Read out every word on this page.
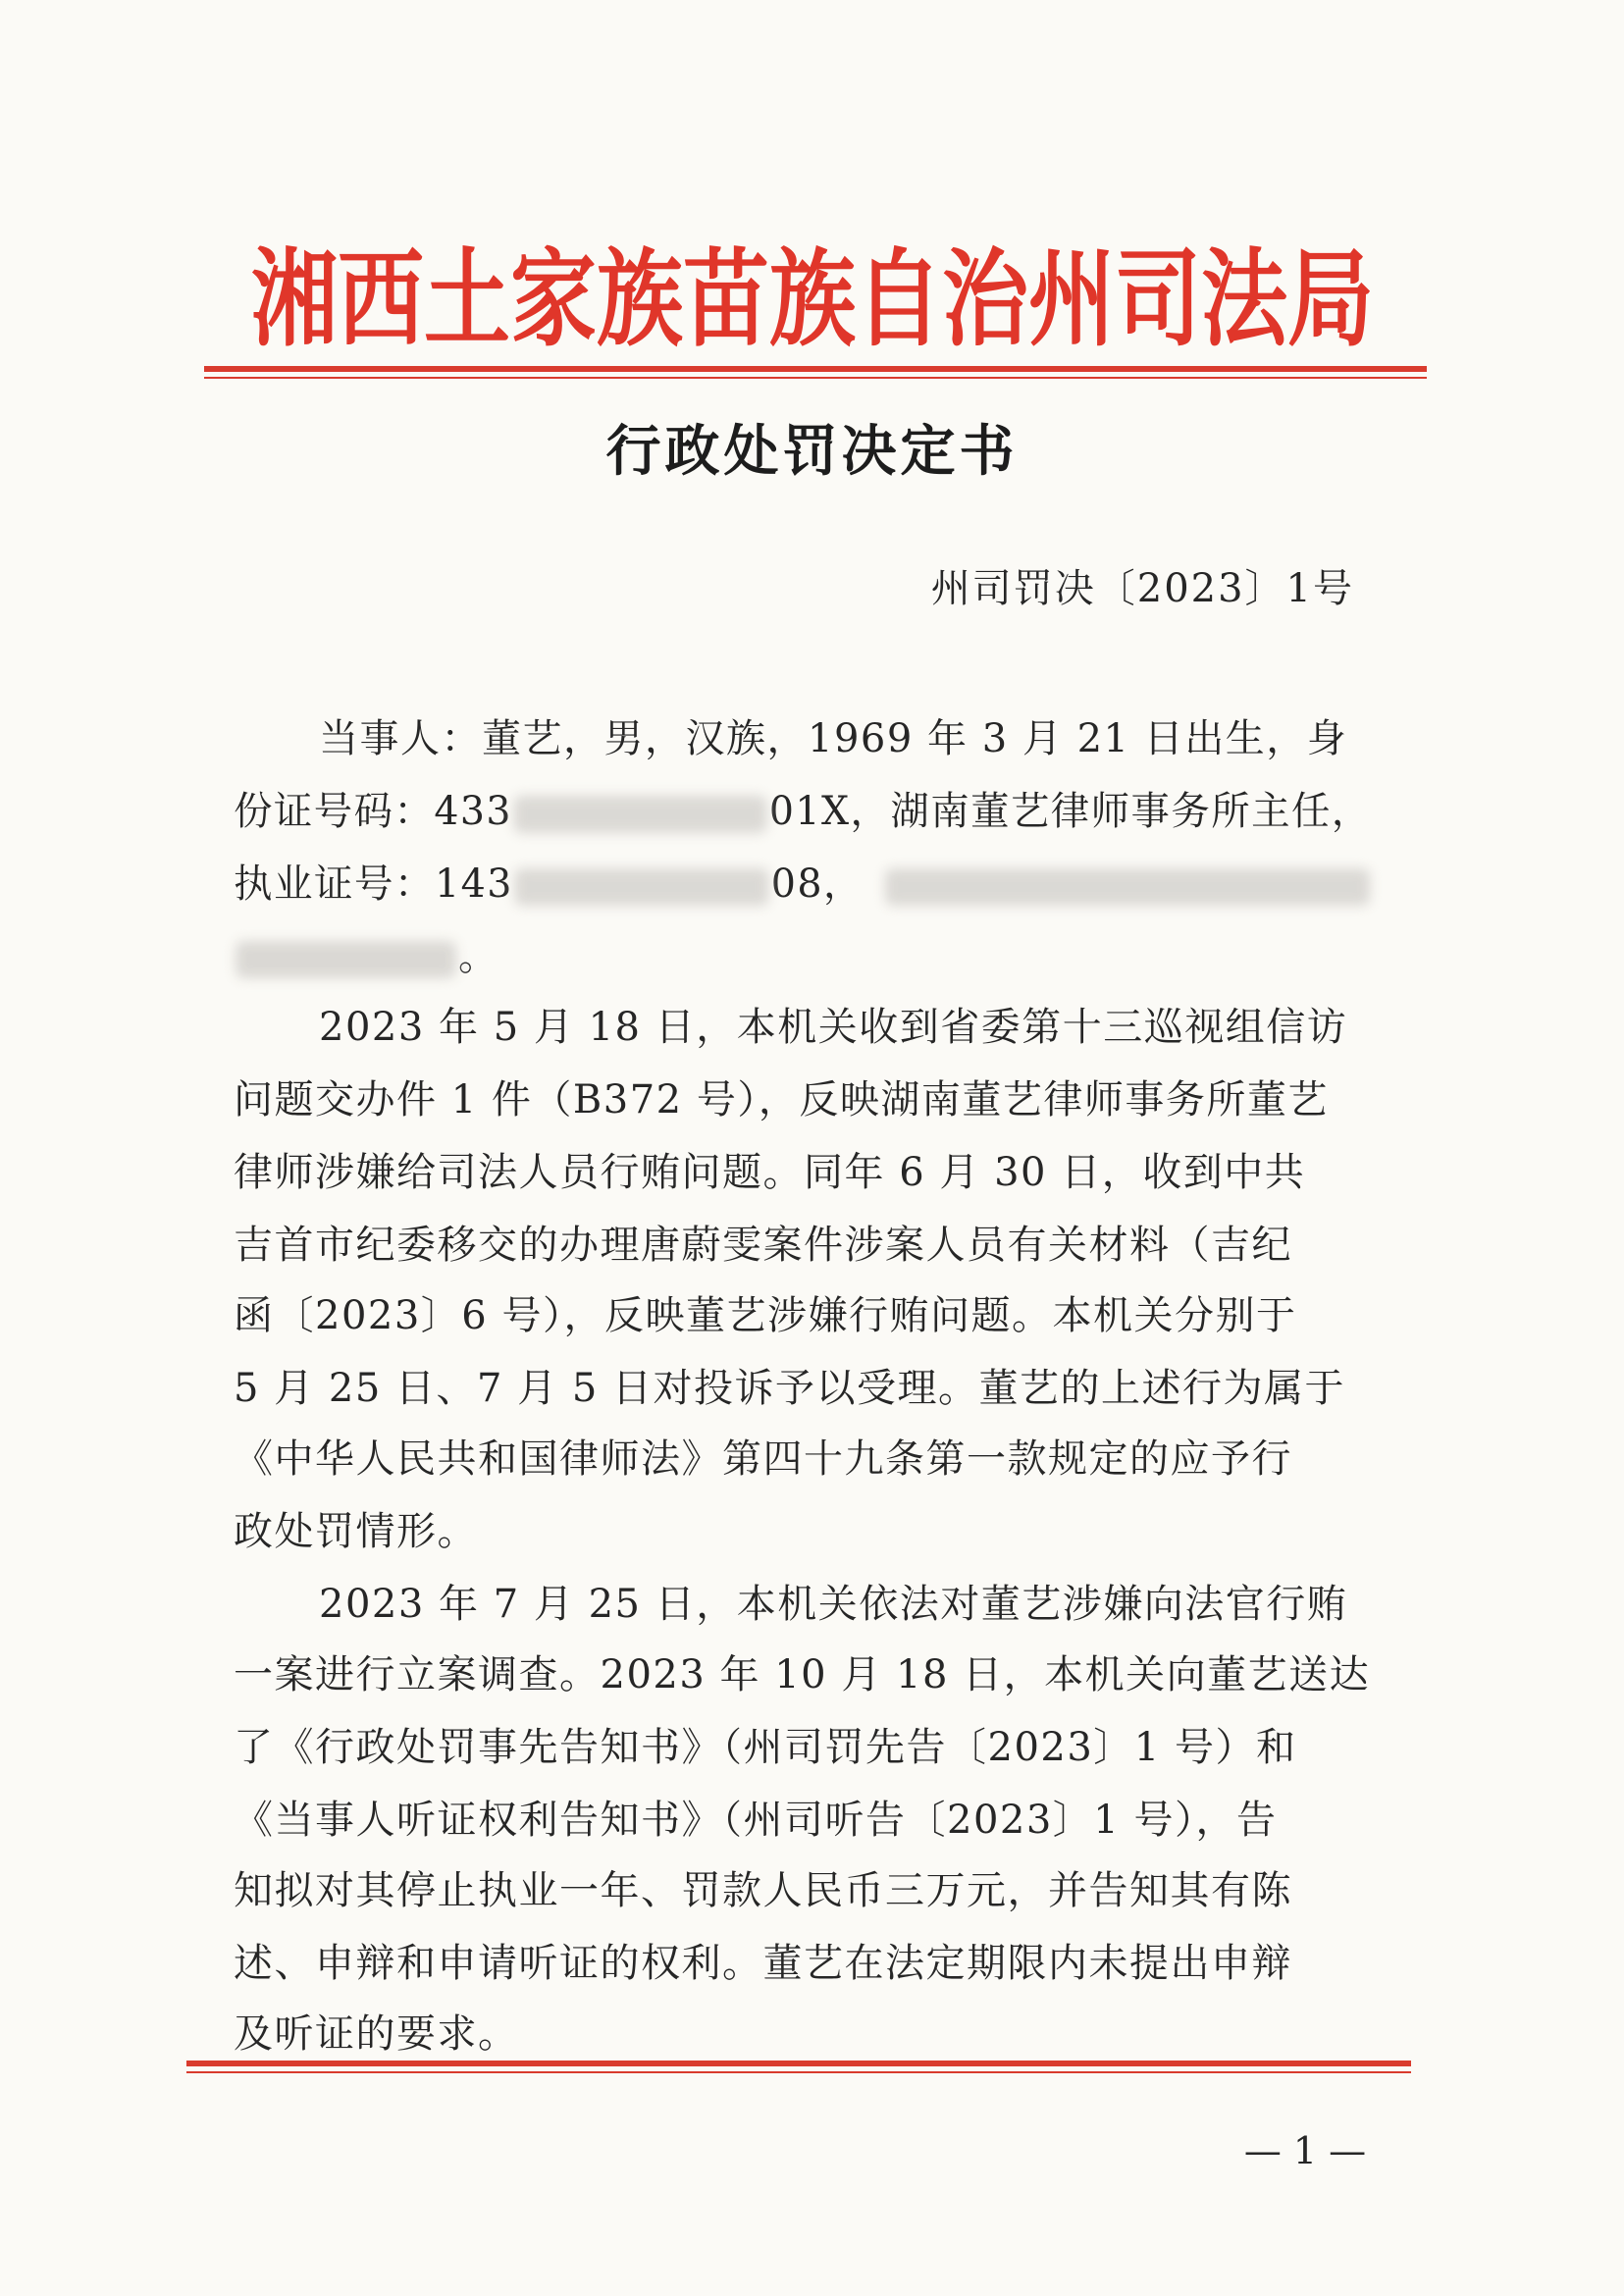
湘西土家族苗族自治州司法局
行政处罚决定书
州司罚决〔2023〕1号
当事人：董艺，男，汉族，1969 年 3 月 21 日出生，身
份证号码：433	01X，湖南董艺律师事务所主任，
执业证号：143	08，
。
2023 年 5 月 18 日，本机关收到省委第十三巡视组信访
问题交办件 1 件（B372 号），反映湖南董艺律师事务所董艺
律师涉嫌给司法人员行贿问题。同年 6 月 30 日，收到中共
吉首市纪委移交的办理唐蔚雯案件涉案人员有关材料（吉纪
函〔2023〕6 号），反映董艺涉嫌行贿问题。本机关分别于
5 月 25 日、7 月 5 日对投诉予以受理。董艺的上述行为属于
《中华人民共和国律师法》第四十九条第一款规定的应予行
政处罚情形。
2023 年 7 月 25 日，本机关依法对董艺涉嫌向法官行贿
一案进行立案调查。2023 年 10 月 18 日，本机关向董艺送达
了《行政处罚事先告知书》（州司罚先告〔2023〕1 号）和
《当事人听证权利告知书》（州司听告〔2023〕1 号），告
知拟对其停止执业一年、罚款人民币三万元，并告知其有陈
述、申辩和申请听证的权利。董艺在法定期限内未提出申辩
及听证的要求。
— 1 —
